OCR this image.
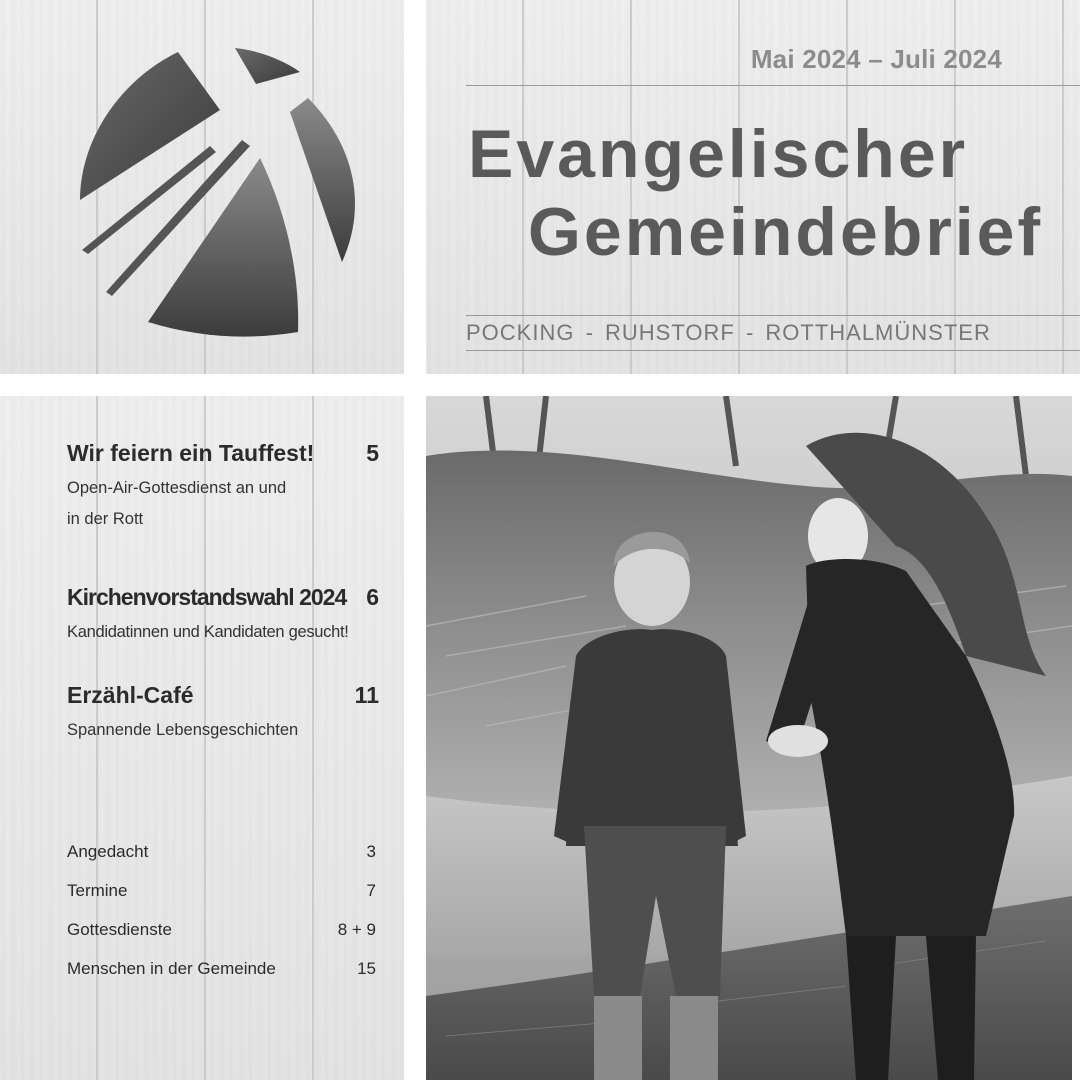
Mai 2024 – Juli 2024
Evangelischer
Gemeindebrief
POCKING - RUHSTORF - ROTTHALMÜNSTER
Wir feiern ein Tauffest! 5
Open-Air-Gottesdienst an und
in der Rott
Kirchenvorstandswahl 2024 6
Kandidatinnen und Kandidaten gesucht!
Erzähl-Café	11
Spannende Lebensgeschichten
Angedacht	3
Termine	7
Gottesdienste	8 + 9
Menschen in der Gemeinde	15
